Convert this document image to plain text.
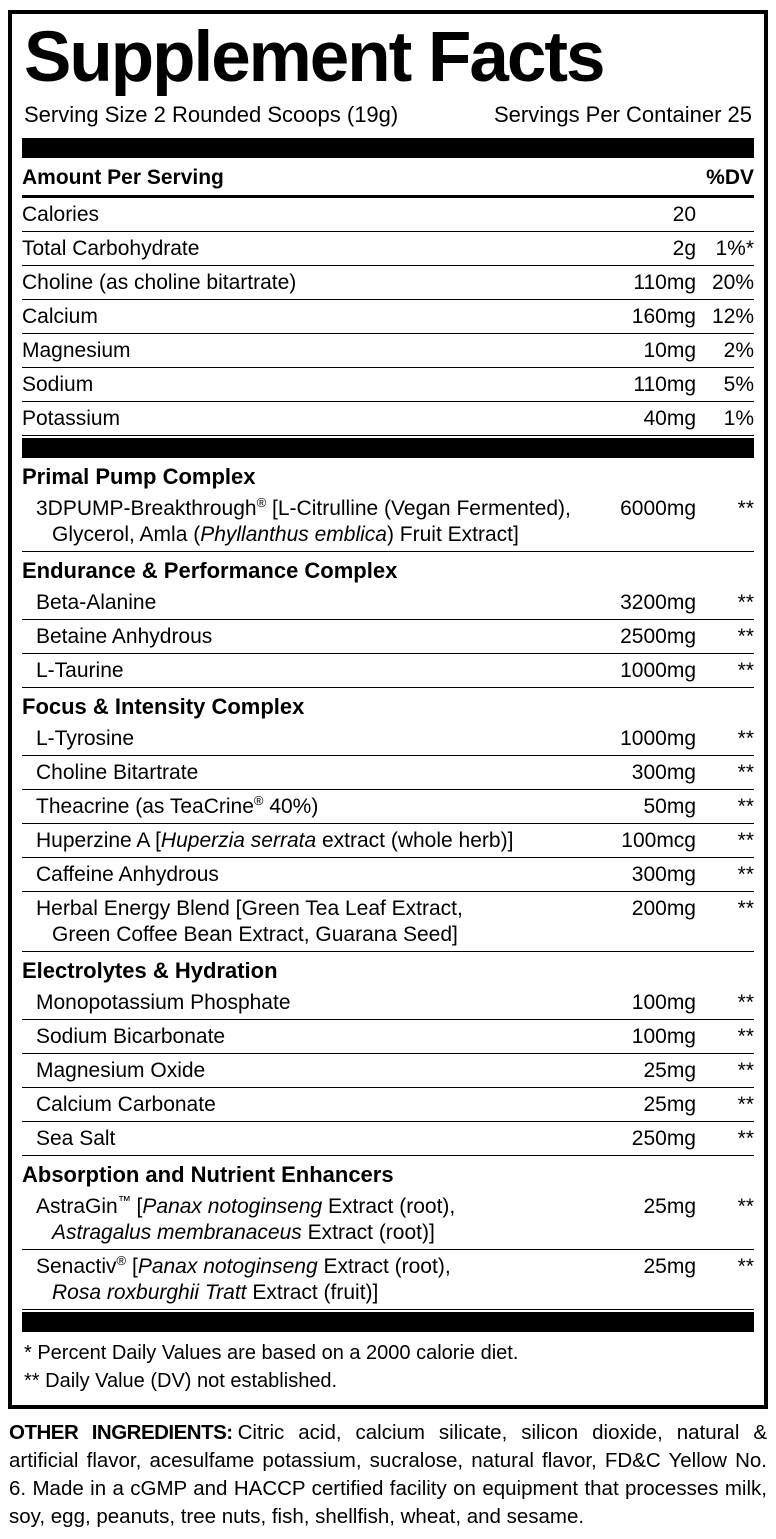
Supplement Facts
Serving Size 2 Rounded Scoops (19g)	Servings Per Container 25
Amount Per Serving	%DV
Calories	20
Total Carbohydrate	2g 1%*
Choline (as choline bitartrate)	110mg 20%
Calcium	160mg 12%
Magnesium	10mg	2%
Sodium	110mg	5%
Potassium	40mg	1%
Primal Pump Complex
3DPUMP-Breakthrough® [L-Citrulline (Vegan Fermented),
Glycerol, Amla (Phyllanthus emblica) Fruit Extract]
6000mg	**
Endurance & Performance Complex
Beta-Alanine	3200mg	**
Betaine Anhydrous	2500mg	**
L-Taurine	1000mg	**
Focus & Intensity Complex
L-Tyrosine	1000mg	**
Choline Bitartrate	300mg	**
Theacrine (as TeaCrine® 40%)	50mg	**
Huperzine A [Huperzia serrata extract (whole herb)]	100mcg	**
Caffeine Anhydrous	300mg	**
Herbal Energy Blend [Green Tea Leaf Extract,
Green Coffee Bean Extract, Guarana Seed]
200mg	**
Electrolytes & Hydration
Monopotassium Phosphate	100mg	**
Sodium Bicarbonate	100mg	**
Magnesium Oxide	25mg	**
Calcium Carbonate	25mg	**
Sea Salt	250mg	**
Absorption and Nutrient Enhancers
AstraGin™ [Panax notoginseng Extract (root),
Astragalus membranaceus Extract (root)]
25mg	**
Senactiv® [Panax notoginseng Extract (root),
Rosa roxburghii Tratt Extract (fruit)]
25mg	**
* Percent Daily Values are based on a 2000 calorie diet.
** Daily Value (DV) not established.

OTHER INGREDIENTS: Citric acid, calcium silicate, silicon dioxide, natural & artificial flavor, acesulfame potassium, sucralose, natural flavor, FD&C Yellow No. 6. Made in a cGMP and HACCP certified facility on equipment that processes milk, soy, egg, peanuts, tree nuts, fish, shellfish, wheat, and sesame.
